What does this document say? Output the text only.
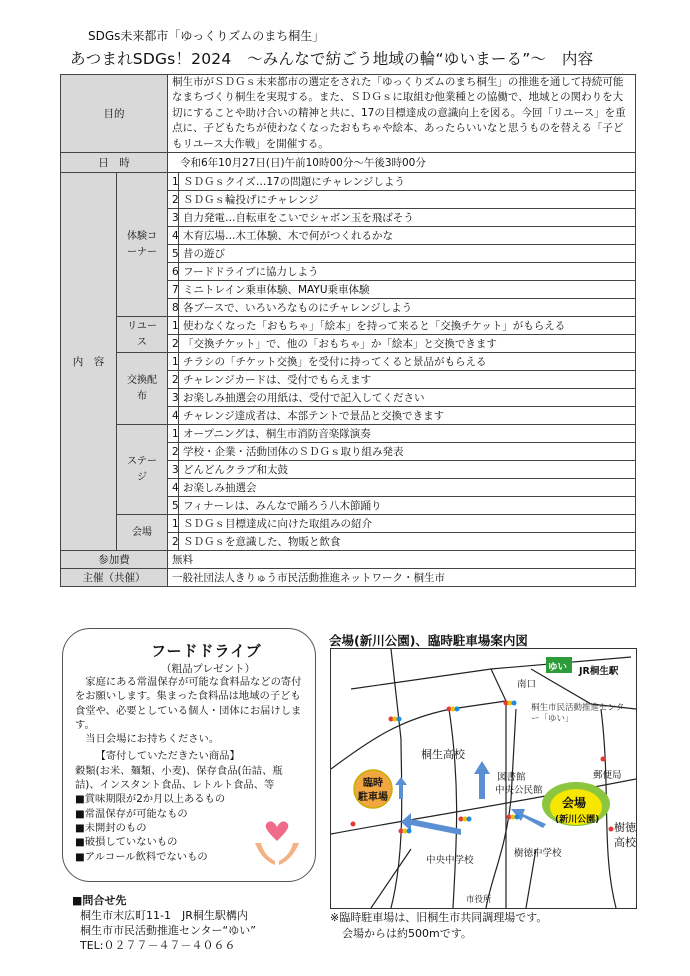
SDGs未来都市「ゆっくりズムのまち桐生」
あつまれSDGs！2024　～みんなで紡ごう地域の輪“ゆいまーる”～　内容
目的		桐生市がＳＤＧｓ未来都市の選定をされた「ゆっくりズムのまち桐生」の推進を通して持続可能なまちづくり桐生を実現する。また、ＳＤＧｓに取組む他業種との協働で、地域との関わりを大切にすることや助け合いの精神と共に、17の目標達成の意識向上を図る。今回「リユース」を重点に、子どもたちが使わなくなったおもちゃや絵本、あったらいいなと思うものを替える「子どもリユース大作戦」を開催する。	
日　時		令和6年10月27日(日)午前10時00分～午後3時00分	
内　容	体験コーナー	1	ＳＤＧｓクイズ…17の問題にチャレンジしよう
		2	ＳＤＧｓ輪投げにチャレンジ
		3	自力発電…自転車をこいでシャボン玉を飛ばそう
		4	木育広場…木工体験、木で何がつくれるかな
		5	昔の遊び
		6	フードドライブに協力しよう
		7	ミニトレイン乗車体験、MAYU乗車体験
		8	各ブースで、いろいろなものにチャレンジしよう
	リユース	1	使わなくなった「おもちゃ」「絵本」を持って来ると「交換チケット」がもらえる
		2	「交換チケット」で、他の「おもちゃ」か「絵本」と交換できます
	交換配布	1	チラシの「チケット交換」を受付に持ってくると景品がもらえる
		2	チャレンジカードは、受付でもらえます
		3	お楽しみ抽選会の用紙は、受付で記入してください
		4	チャレンジ達成者は、本部テントで景品と交換できます
	ステージ	1	オープニングは、桐生市消防音楽隊演奏
		2	学校・企業・活動団体のＳＤＧｓ取り組み発表
		3	どんどんクラブ和太鼓
		4	お楽しみ抽選会
		5	フィナーレは、みんなで踊ろう八木節踊り
	会場	1	ＳＤＧｓ目標達成に向けた取組みの紹介
		2	ＳＤＧｓを意識した、物販と飲食
参加費		無料	
主催（共催）		一般社団法人きりゅう市民活動推進ネットワーク・桐生市	
フードドライブ
（粗品プレゼント）

家庭にある常温保存が可能な食料品などの寄付をお願いします。集まった食料品は地域の子ども食堂や、必要としている個人・団体にお届けします。

当日会場にお持ちください。

【寄付していただきたい商品】

穀類(お米、麺類、小麦)、保存食品(缶詰、瓶詰)、インスタント食品、レトルト食品、等

■賞味期限が2か月以上あるもの
■常温保存が可能なもの
■未開封のもの
■破損していないもの
■アルコール飲料でないもの
■問合せ先
桐生市末広町11-1　JR桐生駅構内
桐生市市民活動推進センター“ゆい”
TEL:０２７７－４７－４０６６
会場(新川公園)、臨時駐車場案内図
ゆい JR桐生駅
南口
桐生市民活動推進センター「ゆい」
郵便局
図書館
中央公民館
桐生高校
会場
(新川公園)
樹徳
高校
臨時
駐車場
樹徳中学校
中央中学校
市役所
※臨時駐車場は、旧桐生市共同調理場です。
会場からは約500mです。
